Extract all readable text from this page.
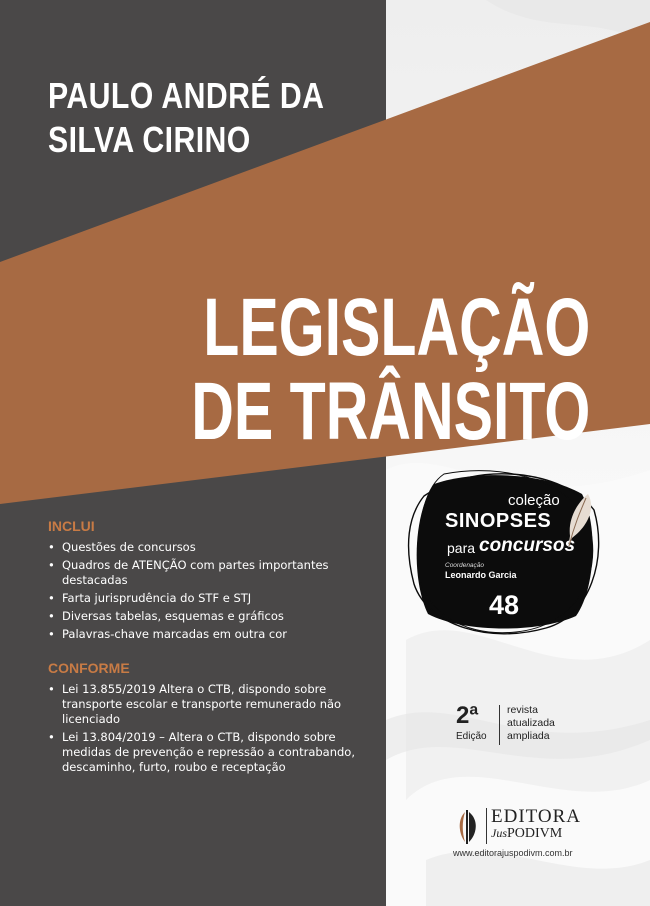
PAULO ANDRÉ DA
SILVA CIRINO
LEGISLAÇÃO
DE TRÂNSITO
INCLUI
• Questões de concursos
• Quadros de ATENÇÃO com partes importantes destacadas
• Farta jurisprudência do STF e STJ
• Diversas tabelas, esquemas e gráficos
• Palavras-chave marcadas em outra cor
CONFORME
• Lei 13.855/2019 Altera o CTB, dispondo sobre transporte escolar e transporte remunerado não licenciado
• Lei 13.804/2019 – Altera o CTB, dispondo sobre medidas de prevenção e repressão a contrabando, descaminho, furto, roubo e receptação
coleção
SINOPSES
para concursos
Coordenação
Leonardo Garcia
48
2ª
Edição
revista
atualizada
ampliada
EDITORA
JusPODIVM
www.editorajuspodivm.com.br
